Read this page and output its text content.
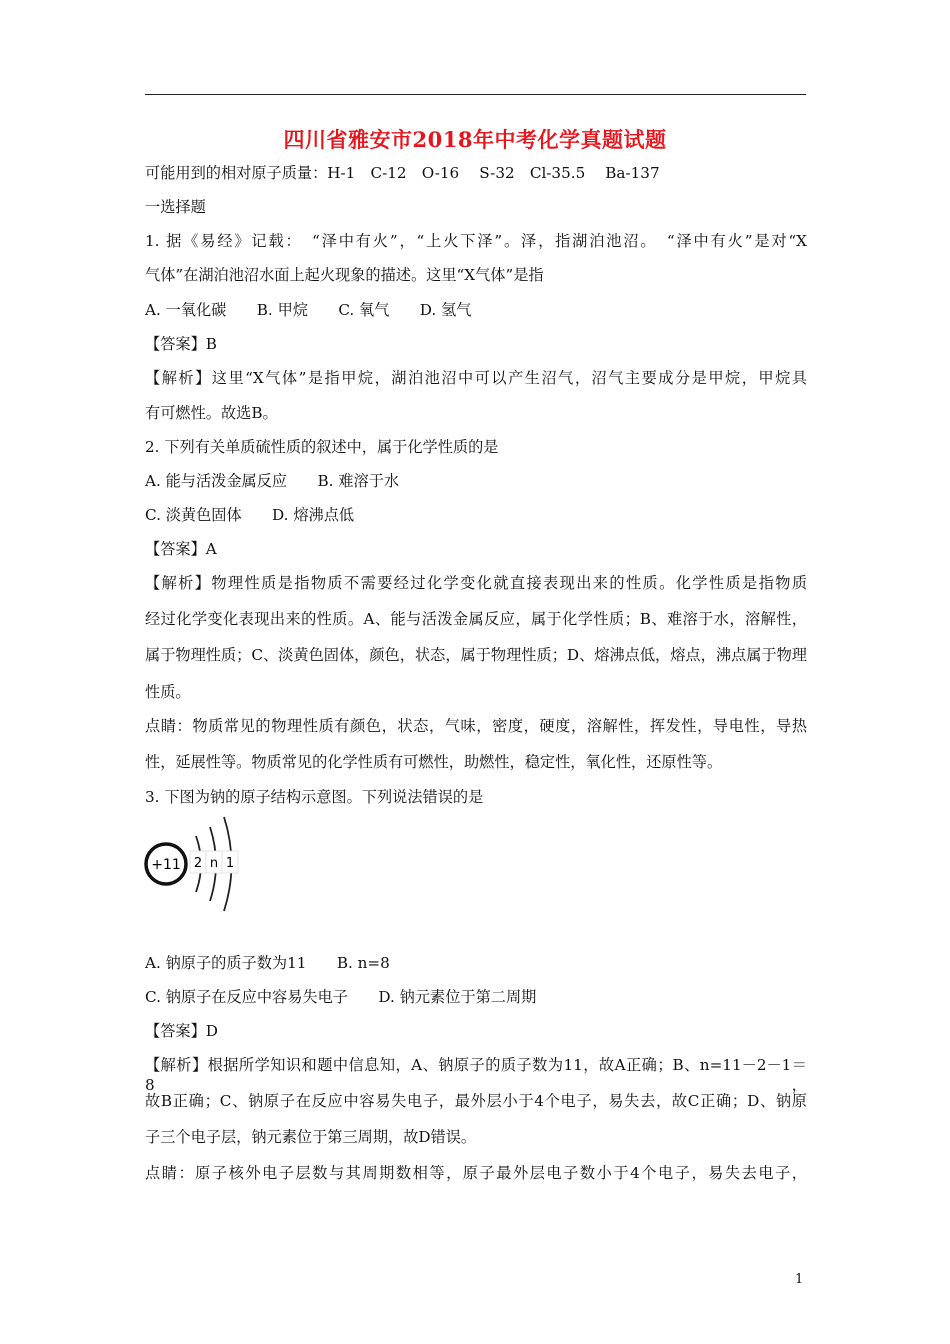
四川省雅安市2018年中考化学真题试题
可能用到的相对原子质量：H-1　C-12　O-16　 S-32　Cl-35.5　 Ba-137
一选择题
1. 据《易经》记载：　“泽中有火”，“上火下泽”。泽，指湖泊池沼。　“泽中有火”是对“X
气体”在湖泊池沼水面上起火现象的描述。这里“X气体”是指
A. 一氧化碳　　B. 甲烷　　C. 氧气　　D. 氢气
【答案】B
【解析】这里“X气体”是指甲烷，湖泊池沼中可以产生沼气，沼气主要成分是甲烷，甲烷具
有可燃性。故选B。
2. 下列有关单质硫性质的叙述中，属于化学性质的是
A. 能与活泼金属反应　　B. 难溶于水
C. 淡黄色固体　　D. 熔沸点低
【答案】A
【解析】物理性质是指物质不需要经过化学变化就直接表现出来的性质。化学性质是指物质
经过化学变化表现出来的性质。A、能与活泼金属反应，属于化学性质；B、难溶于水，溶解性，
属于物理性质；C、淡黄色固体，颜色，状态，属于物理性质；D、熔沸点低，熔点，沸点属于物理
性质。
点睛：物质常见的物理性质有颜色，状态，气味，密度，硬度，溶解性，挥发性，导电性，导热
性，延展性等。物质常见的化学性质有可燃性，助燃性，稳定性，氧化性，还原性等。
3. 下图为钠的原子结构示意图。下列说法错误的是
+11 2 n 1
A. 钠原子的质子数为11　　B. n=8
C. 钠原子在反应中容易失电子　　D. 钠元素位于第二周期
【答案】D
【解析】根据所学知识和题中信息知，A、钠原子的质子数为11，故A正确；B、n=11－2－1＝8，
故B正确；C、钠原子在反应中容易失电子，最外层小于4个电子，易失去，故C正确；D、钠原
子三个电子层，钠元素位于第三周期，故D错误。
点睛：原子核外电子层数与其周期数相等，原子最外层电子数小于4个电子，易失去电子，
1
